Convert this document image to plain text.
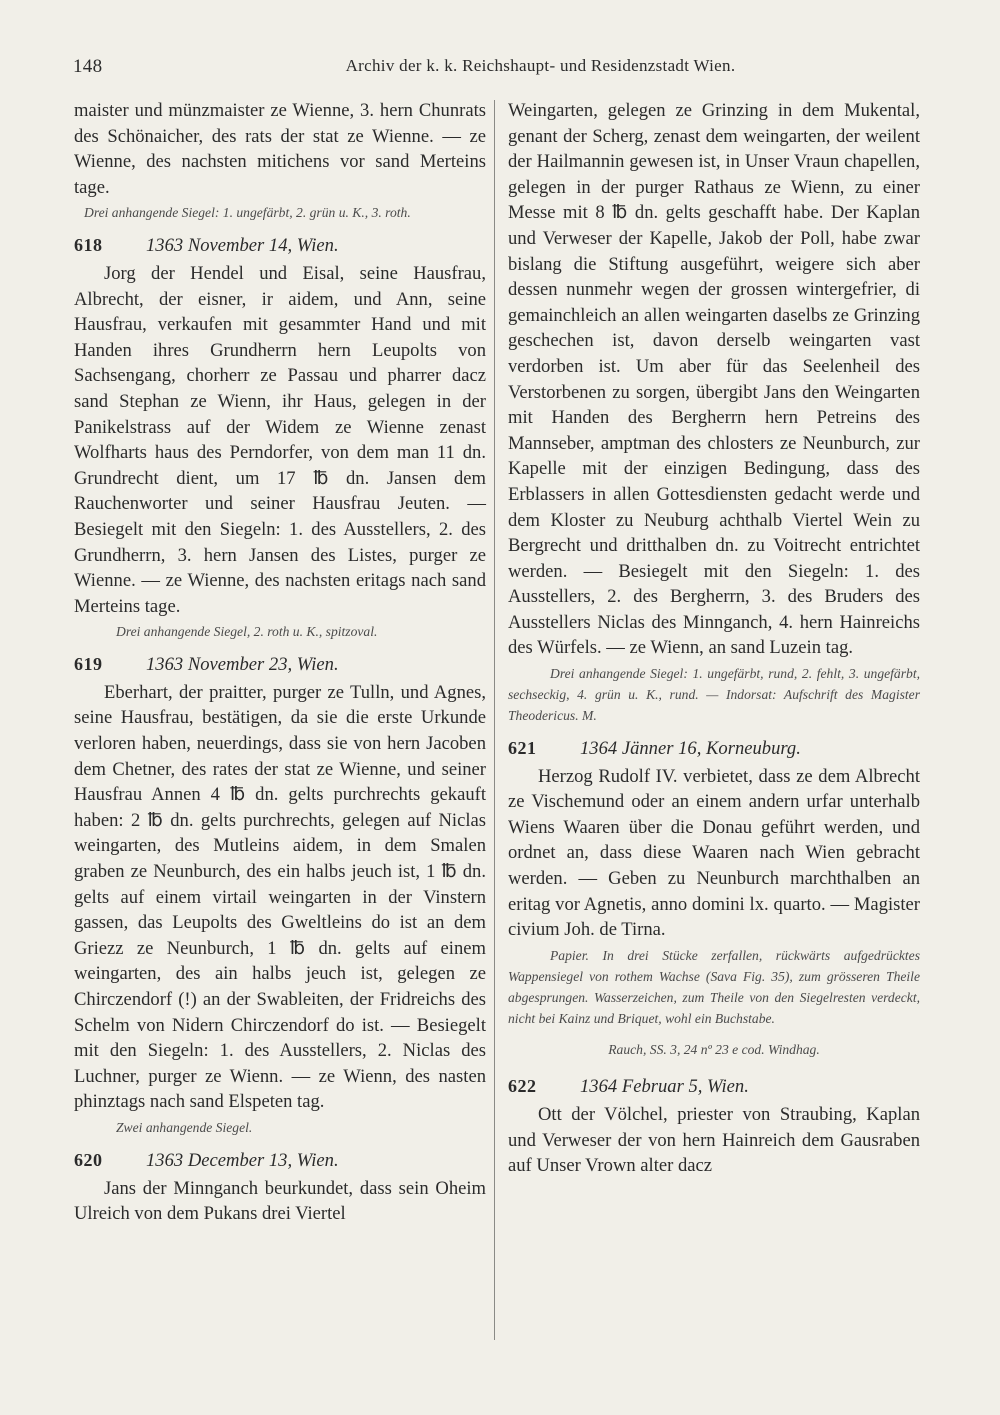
148	Archiv der k. k. Reichshaupt- und Residenzstadt Wien.

maister und münzmaister ze Wienne, 3. hern Chunrats des Schönaicher, des rats der stat ze Wienne. — ze Wienne, des nachsten mitichens vor sand Merteins tage.

Drei anhangende Siegel: 1. ungefärbt, 2. grün u. K., 3. roth.

618	1363 November 14, Wien.

Jorg der Hendel und Eisal, seine Hausfrau, Albrecht, der eisner, ir aidem, und Ann, seine Hausfrau, verkaufen mit gesammter Hand und mit Handen ihres Grundherrn hern Leupolts von Sachsengang, chorherr ze Passau und pharrer dacz sand Stephan ze Wienn, ihr Haus, gelegen in der Panikelstrass auf der Widem ze Wienne zenast Wolfharts haus des Perndorfer, von dem man 11 dn. Grundrecht dient, um 17 ℔ dn. Jansen dem Rauchenworter und seiner Hausfrau Jeuten. — Besiegelt mit den Siegeln: 1. des Ausstellers, 2. des Grundherrn, 3. hern Jansen des Listes, purger ze Wienne. — ze Wienne, des nachsten eritags nach sand Merteins tage.

Drei anhangende Siegel, 2. roth u. K., spitzoval.

619	1363 November 23, Wien.

Eberhart, der praitter, purger ze Tulln, und Agnes, seine Hausfrau, bestätigen, da sie die erste Urkunde verloren haben, neuerdings, dass sie von hern Jacoben dem Chetner, des rates der stat ze Wienne, und seiner Hausfrau Annen 4 ℔ dn. gelts purchrechts gekauft haben: 2 ℔ dn. gelts purchrechts, gelegen auf Niclas weingarten, des Mutleins aidem, in dem Smalen graben ze Neunburch, des ein halbs jeuch ist, 1 ℔ dn. gelts auf einem virtail weingarten in der Vinstern gassen, das Leupolts des Gweltleins do ist an dem Griezz ze Neunburch, 1 ℔ dn. gelts auf einem weingarten, des ain halbs jeuch ist, gelegen ze Chirczendorf (!) an der Swableiten, der Fridreichs des Schelm von Nidern Chirczendorf do ist. — Besiegelt mit den Siegeln: 1. des Ausstellers, 2. Niclas des Luchner, purger ze Wienn. — ze Wienn, des nasten phinztags nach sand Elspeten tag.

Zwei anhangende Siegel.

620	1363 December 13, Wien.

Jans der Minnganch beurkundet, dass sein Oheim Ulreich von dem Pukans drei Viertel

Weingarten, gelegen ze Grinzing in dem Mukental, genant der Scherg, zenast dem weingarten, der weilent der Hailmannin gewesen ist, in Unser Vraun chapellen, gelegen in der purger Rathaus ze Wienn, zu einer Messe mit 8 ℔ dn. gelts geschafft habe. Der Kaplan und Verweser der Kapelle, Jakob der Poll, habe zwar bislang die Stiftung ausgeführt, weigere sich aber dessen nunmehr wegen der grossen wintergefrier, di gemainchleich an allen weingarten daselbs ze Grinzing geschechen ist, davon derselb weingarten vast verdorben ist. Um aber für das Seelenheil des Verstorbenen zu sorgen, übergibt Jans den Weingarten mit Handen des Bergherrn hern Petreins des Mannseber, amptman des chlosters ze Neunburch, zur Kapelle mit der einzigen Bedingung, dass des Erblassers in allen Gottesdiensten gedacht werde und dem Kloster zu Neuburg achthalb Viertel Wein zu Bergrecht und dritthalben dn. zu Voitrecht entrichtet werden. — Besiegelt mit den Siegeln: 1. des Ausstellers, 2. des Bergherrn, 3. des Bruders des Ausstellers Niclas des Minnganch, 4. hern Hainreichs des Würfels. — ze Wienn, an sand Luzein tag.

Drei anhangende Siegel: 1. ungefärbt, rund, 2. fehlt, 3. ungefärbt, sechseckig, 4. grün u. K., rund. — Indorsat: Aufschrift des Magister Theodericus. M.

621	1364 Jänner 16, Korneuburg.

Herzog Rudolf IV. verbietet, dass ze dem Albrecht ze Vischemund oder an einem andern urfar unterhalb Wiens Waaren über die Donau geführt werden, und ordnet an, dass diese Waaren nach Wien gebracht werden. — Geben zu Neunburch marchthalben an eritag vor Agnetis, anno domini lx. quarto. — Magister civium Joh. de Tirna.

Papier. In drei Stücke zerfallen, rückwärts aufgedrücktes Wappensiegel von rothem Wachse (Sava Fig. 35), zum grösseren Theile abgesprungen. Wasserzeichen, zum Theile von den Siegelresten verdeckt, nicht bei Kainz und Briquet, wohl ein Buchstabe.

Rauch, SS. 3, 24 nº 23 e cod. Windhag.

622	1364 Februar 5, Wien.

Ott der Völchel, priester von Straubing, Kaplan und Verweser der von hern Hainreich dem Gausraben auf Unser Vrown alter dacz
